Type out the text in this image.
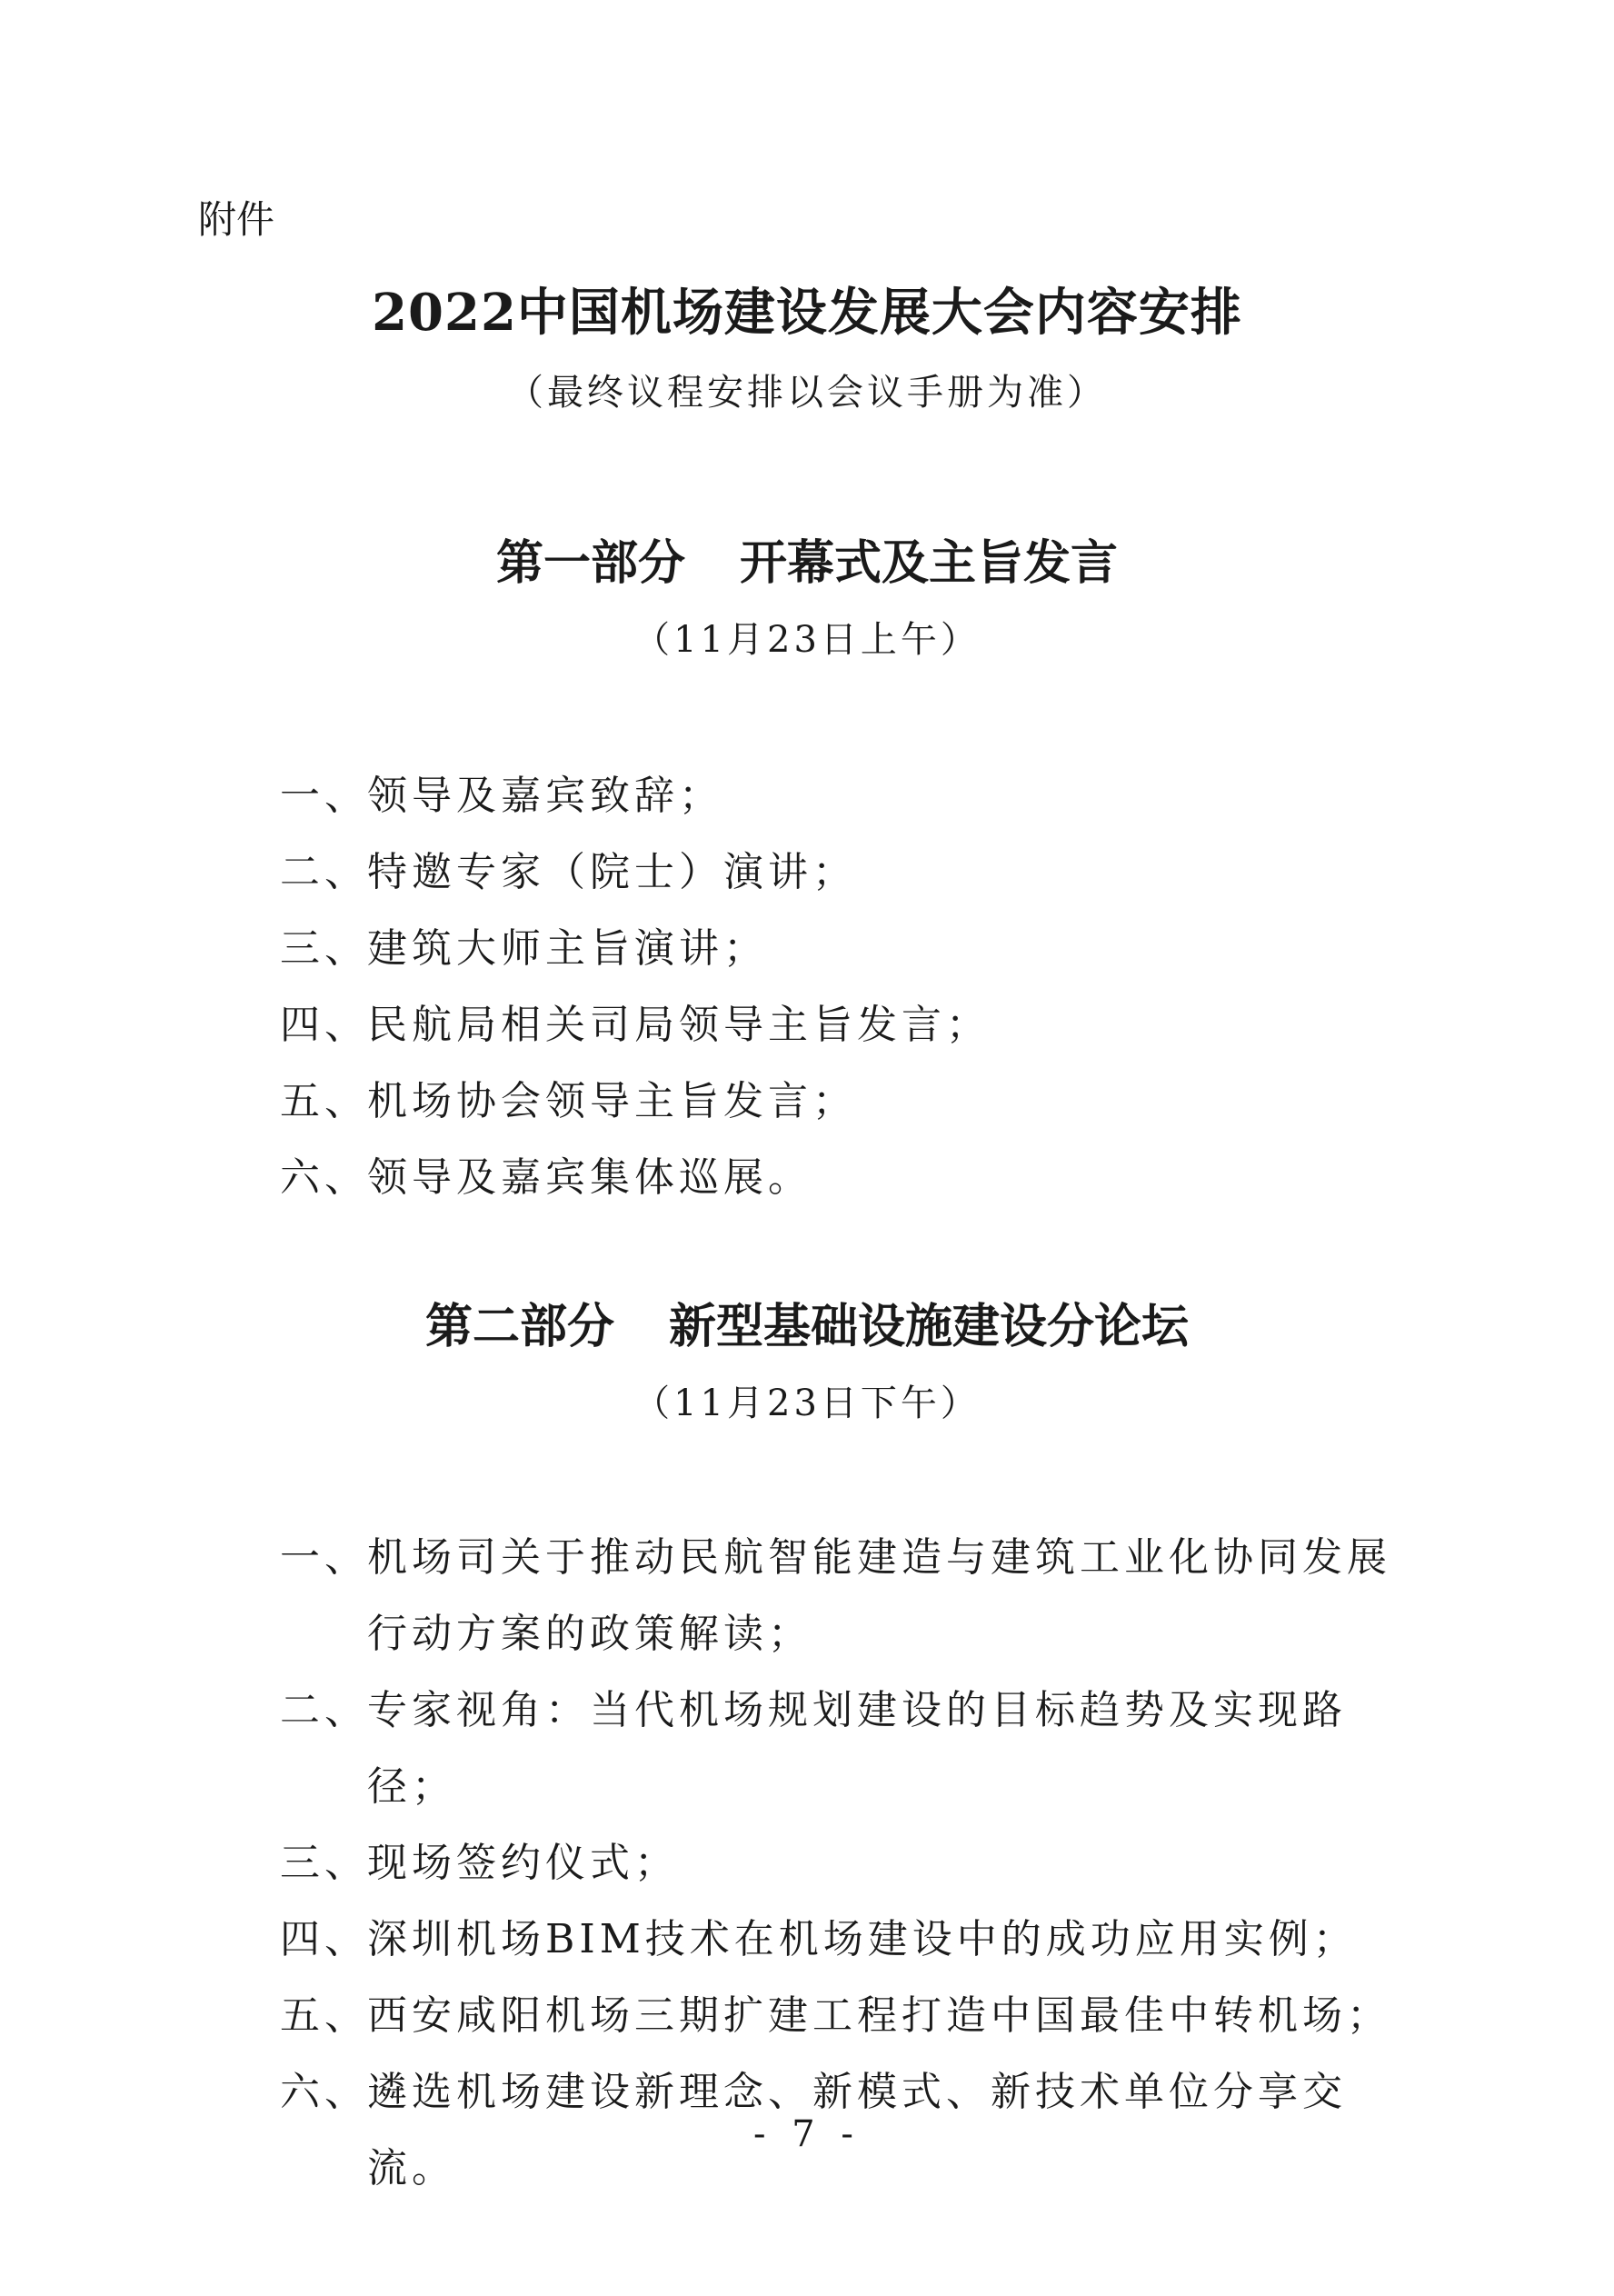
附件
2022中国机场建设发展大会内容安排
（最终议程安排以会议手册为准）
第一部分 开幕式及主旨发言
（11月23日上午）
一、
领导及嘉宾致辞；
二、
特邀专家（院士）演讲；
三、
建筑大师主旨演讲；
四、
民航局相关司局领导主旨发言；
五、
机场协会领导主旨发言；
六、
领导及嘉宾集体巡展。
第二部分 新型基础设施建设分论坛
（11月23日下午）
一、
机场司关于推动民航智能建造与建筑工业化协同发展行动方案的政策解读；
二、
专家视角：当代机场规划建设的目标趋势及实现路径；
三、
现场签约仪式；
四、
深圳机场BIM技术在机场建设中的成功应用实例；
五、
西安咸阳机场三期扩建工程打造中国最佳中转机场；
六、
遴选机场建设新理念、新模式、新技术单位分享交流。
- 7 -
